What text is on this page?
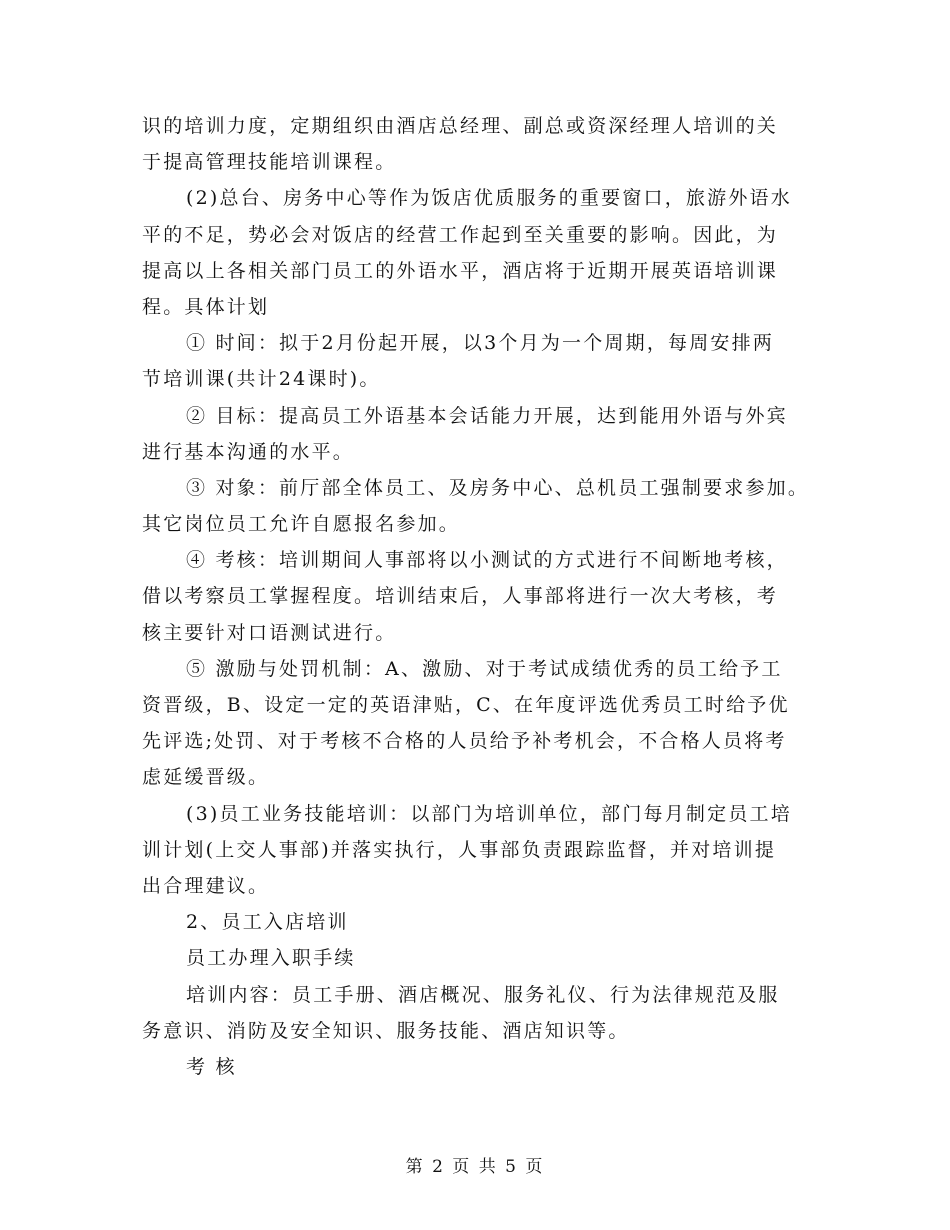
识的培训力度，定期组织由酒店总经理、副总或资深经理人培训的关
于提高管理技能培训课程。
(2)总台、房务中心等作为饭店优质服务的重要窗口，旅游外语水
平的不足，势必会对饭店的经营工作起到至关重要的影响。因此，为
提高以上各相关部门员工的外语水平，酒店将于近期开展英语培训课
程。具体计划
① 时间：拟于2月份起开展，以3个月为一个周期，每周安排两
节培训课(共计24课时)。
② 目标：提高员工外语基本会话能力开展，达到能用外语与外宾
进行基本沟通的水平。
③ 对象：前厅部全体员工、及房务中心、总机员工强制要求参加。
其它岗位员工允许自愿报名参加。
④ 考核：培训期间人事部将以小测试的方式进行不间断地考核，
借以考察员工掌握程度。培训结束后，人事部将进行一次大考核，考
核主要针对口语测试进行。
⑤ 激励与处罚机制：A、激励、对于考试成绩优秀的员工给予工
资晋级，B、设定一定的英语津贴，C、在年度评选优秀员工时给予优
先评选;处罚、对于考核不合格的人员给予补考机会，不合格人员将考
虑延缓晋级。
(3)员工业务技能培训：以部门为培训单位，部门每月制定员工培
训计划(上交人事部)并落实执行，人事部负责跟踪监督，并对培训提
出合理建议。
2、员工入店培训
员工办理入职手续
培训内容：员工手册、酒店概况、服务礼仪、行为法律规范及服
务意识、消防及安全知识、服务技能、酒店知识等。
考 核
第 2 页 共 5 页
